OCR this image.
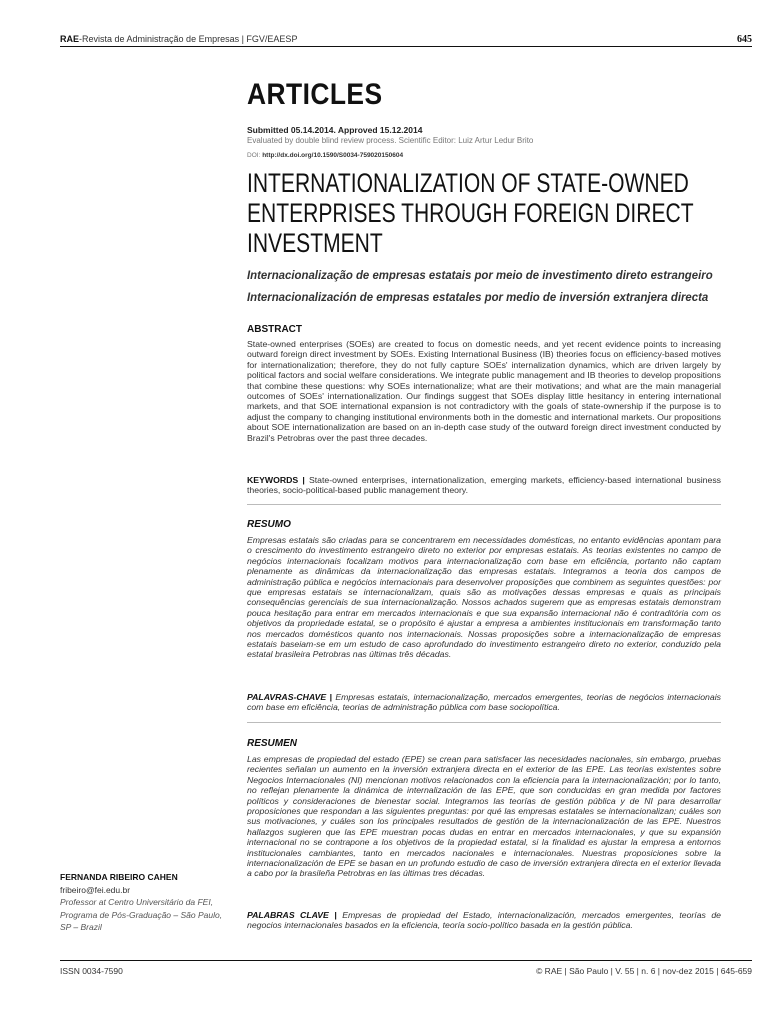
RAE-Revista de Administração de Empresas | FGV/EAESP	645
ARTICLES
Submitted 05.14.2014. Approved 15.12.2014
Evaluated by double blind review process. Scientific Editor: Luiz Artur Ledur Brito
DOI: http://dx.doi.org/10.1590/S0034-759020150604
INTERNATIONALIZATION OF STATE-OWNED ENTERPRISES THROUGH FOREIGN DIRECT INVESTMENT
Internacionalização de empresas estatais por meio de investimento direto estrangeiro
Internacionalización de empresas estatales por medio de inversión extranjera directa
ABSTRACT
State-owned enterprises (SOEs) are created to focus on domestic needs, and yet recent evidence points to increasing outward foreign direct investment by SOEs. Existing International Business (IB) theories focus on efficiency-based motives for internationalization; therefore, they do not fully capture SOEs' internalization dynamics, which are driven largely by political factors and social welfare considerations. We integrate public management and IB theories to develop propositions that combine these questions: why SOEs internationalize; what are their motivations; and what are the main managerial outcomes of SOEs' internationalization. Our findings suggest that SOEs display little hesitancy in entering international markets, and that SOE international expansion is not contradictory with the goals of state-ownership if the purpose is to adjust the company to changing institutional environments both in the domestic and international markets. Our propositions about SOE internationalization are based on an in-depth case study of the outward foreign direct investment conducted by Brazil's Petrobras over the past three decades.
KEYWORDS | State-owned enterprises, internationalization, emerging markets, efficiency-based international business theories, socio-political-based public management theory.
RESUMO
Empresas estatais são criadas para se concentrarem em necessidades domésticas, no entanto evidências apontam para o crescimento do investimento estrangeiro direto no exterior por empresas estatais. As teorias existentes no campo de negócios internacionais focalizam motivos para internacionalização com base em eficiência, portanto não captam plenamente as dinâmicas da internacionalização das empresas estatais. Integramos a teoria dos campos de administração pública e negócios internacionais para desenvolver proposições que combinem as seguintes questões: por que empresas estatais se internacionalizam, quais são as motivações dessas empresas e quais as principais consequências gerenciais de sua internacionalização. Nossos achados sugerem que as empresas estatais demonstram pouca hesitação para entrar em mercados internacionais e que sua expansão internacional não é contraditória com os objetivos da propriedade estatal, se o propósito é ajustar a empresa a ambientes institucionais em transformação tanto nos mercados domésticos quanto nos internacionais. Nossas proposições sobre a internacionalização de empresas estatais baseiam-se em um estudo de caso aprofundado do investimento estrangeiro direto no exterior, conduzido pela estatal brasileira Petrobras nas últimas três décadas.
PALAVRAS-CHAVE | Empresas estatais, internacionalização, mercados emergentes, teorias de negócios internacionais com base em eficiência, teorias de administração pública com base sociopolítica.
RESUMEN
Las empresas de propiedad del estado (EPE) se crean para satisfacer las necesidades nacionales, sin embargo, pruebas recientes señalan un aumento en la inversión extranjera directa en el exterior de las EPE. Las teorías existentes sobre Negocios Internacionales (NI) mencionan motivos relacionados con la eficiencia para la internacionalización; por lo tanto, no reflejan plenamente la dinámica de internalización de las EPE, que son conducidas en gran medida por factores políticos y consideraciones de bienestar social. Integramos las teorías de gestión pública y de NI para desarrollar proposiciones que respondan a las siguientes preguntas: por qué las empresas estatales se internacionalizan; cuáles son sus motivaciones, y cuáles son los principales resultados de gestión de la internacionalización de las EPE. Nuestros hallazgos sugieren que las EPE muestran pocas dudas en entrar en mercados internacionales, y que su expansión internacional no se contrapone a los objetivos de la propiedad estatal, si la finalidad es ajustar la empresa a entornos institucionales cambiantes, tanto en mercados nacionales e internacionales. Nuestras proposiciones sobre la internacionalización de EPE se basan en un profundo estudio de caso de inversión extranjera directa en el exterior llevada a cabo por la brasileña Petrobras en las últimas tres décadas.
PALABRAS CLAVE | Empresas de propiedad del Estado, internacionalización, mercados emergentes, teorías de negocios internacionales basados en la eficiencia, teoría socio-político basada en la gestión pública.
FERNANDA RIBEIRO CAHEN
fribeiro@fei.edu.br
Professor at Centro Universitário da FEI, Programa de Pós-Graduação – São Paulo, SP – Brazil
ISSN 0034-7590	© RAE | São Paulo | V. 55 | n. 6 | nov-dez 2015 | 645-659
